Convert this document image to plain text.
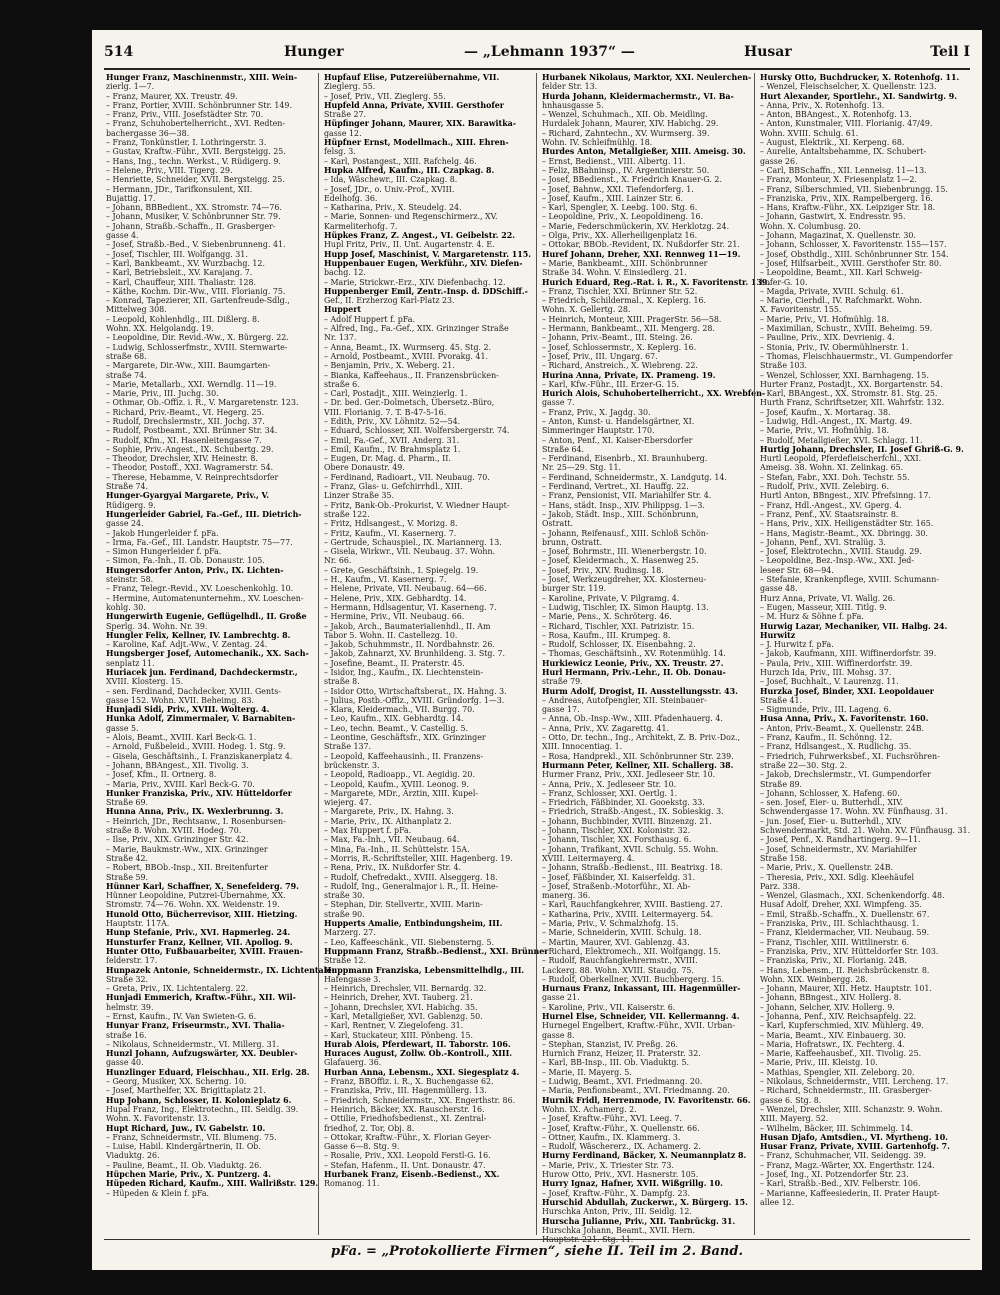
514	Hunger	— „Lehmann 1937“ —	Husar	Teil I
Hunger Franz, Maschinenmstr., XIII. Wein-
zierlg. 1—7.
– Franz, Maurer, XX. Treustr. 49.
– Franz, Portier, XVIII. Schönbrunner Str. 149.
– Franz, Priv., VIII. Josefstädter Str. 70.
– Franz, Schuhobertelherricht., XVI. Redten-
bachergasse 36—38.
– Franz, Tonkünstler, I. Lothringerstr. 3.
– Gustav, Kraftw.-Führ., XVII. Bergsteigg. 25.
– Hans, Ing., techn. Werkst., V. Rüdigerg. 9.
– Helene, Priv., VIII. Tigerg. 29.
– Henriette, Schneider, XVII. Bergsteigg. 25.
– Hermann, JDr., Tarifkonsulent, XII.
Bujattig. 17.
– Johann, BBBedient., XX. Stromstr. 74—76.
– Johann, Musiker, V. Schönbrunner Str. 79.
– Johann, Straßb.-Schaffn., II. Grasberger-
gasse 4.
– Josef, Straßb.-Bed., V. Siebenbrunneng. 41.
– Josef, Tischler, III. Wolfgangg. 31.
– Karl, Bankbeamt., XV. Wurzbachg. 12.
– Karl, Betriebsleit., XV. Karajang. 7.
– Karl, Chauffeur, XIII. Thaliastr. 128.
– Käthe, Kochm. Dir.-Ww., VIII. Florianig. 75.
– Konrad, Tapezierer, XII. Gartenfreude-Sdlg.,
Mittelweg 308.
– Leopold, Kohlenhdlg., III. Dißlerg. 8.
Wohn. XX. Helgolandg. 19.
– Leopoldine, Dir. Revid.-Ww., X. Bürgerg. 22.
– Ludwig, Schlosserfmstr., XVIII. Sternwarte-
straße 68.
– Margarete, Dir.-Ww., XIII. Baumgarten-
straße 74.
– Marie, Metallarb., XXI. Werndlg. 11—19.
– Marie, Priv., III. Juchg. 30.
– Othmar, Ob.-Offiz. i. R., V. Margaretenstr. 123.
– Richard, Priv.-Beamt., VI. Hegerg. 25.
– Rudolf, Drechslermstr., XII. Jochg. 37.
– Rudolf, Postbeamt., XXI. Brünner Str. 34.
– Rudolf, Kfm., XI. Hasenleitengasse 7.
– Sophie, Priv.-Angest., IX. Schubertg. 29.
– Theodor, Drechsler, XIV. Heinestr. 8.
– Theodor, Postoff., XXI. Wagramerstr. 54.
– Therese, Hebamme, V. Reinprechtsdorfer
Straße 74.
Hunger-Gyargyai Margarete, Priv., V.
Rüdigerg. 9.
Hungerleider Gabriel, Fa.-Gef., III. Dietrich-
gasse 24.
– Jakob Hungerleider f. pFa.
– Irma, Fa.-Gef., III. Landstr. Hauptstr. 75—77.
– Simon Hungerleider f. pFa.
– Simon, Fa.-Inh., II. Ob. Donaustr. 105.
Hungersdorfer Anton, Priv., IX. Lichten-
steinstr. 58.
– Franz, Telegr.-Revid., XV. Loeschenkohlg. 10.
– Hermine, Automatenunternehm., XV. Loeschen-
kohlg. 30.
Hungerwirth Eugenie, Geflügelhdl., II. Große
Sperlg. 34. Wohn. Nr. 39.
Hungler Felix, Kellner, IV. Lambrechtg. 8.
– Karoline, Kaf. Adjt.-Ww., V. Zentag. 24.
Hungsberger Josef, Automechanik., XX. Sach-
senplatz 11.
Huriacek jun. Ferdinand, Dachdeckermstr.,
XVIII. Klosterg. 15.
– sen. Ferdinand, Dachdecker, XVIII. Gents-
gasse 152. Wohn. XVII. Beheimg. 83.
Hunjadi Sidi, Priv., XVIII. Wolterg. 4.
Hunka Adolf, Zimmermaler, V. Barnabiten-
gasse 5.
– Alois, Beamt., XVIII. Karl Beck-G. 1.
– Arnold, Fußbeleid., XVIII. Hodeg. 1. Stg. 9.
– Gisela, Geschäftsinh., I. Franziskanerplatz 4.
– Johann, BBAngest., XII. Tivolig. 3.
– Josef, Kfm., II. Ortnerg. 8.
– Maria, Priv., XVIII. Karl Beck-G. 70.
Hunker Franziska, Priv., XIV. Hütteldorfer
Straße 69.
Hunna Anna, Priv., IX. Wexlerbrunng. 3.
– Heinrich, JDr., Rechtsanw., I. Rosenbursen-
straße 8. Wohn. XVIII. Hodeg. 70.
– Ilse, Priv., XIX. Grinzinger Str. 42.
– Marie, Baukmstr.-Ww., XIX. Grinzinger
Straße 42.
– Robert, BBOb.-Insp., XII. Breitenfurter
Straße 59.
Hünner Karl, Schaffner, X. Senefelderg. 79.
Hünner Leopoldine, Putzrei-Übernahme, XX.
Stromstr. 74—76. Wohn. XX. Weidenstr. 19.
Hunold Otto, Bücherrevisor, XIII. Hietzing.
Hauptstr. 117A.
Hunp Stefanie, Priv., XVI. Hapmerleg. 24.
Hunsturfer Franz, Kellner, VII. Apollog. 9.
Hunter Otto, Fußbauarbeiter, XVIII. Frauen-
felderstr. 17.
Hunpazek Antonie, Schneidermstr., IX. Lichtentaler
Straße 32.
– Greta, Priv., IX. Lichtentalerg. 22.
Hunjadi Emmerich, Kraftw.-Führ., XII. Wil-
helmstr. 39.
– Ernst, Kaufm., IV. Van Swieten-G. 6.
Hunyar Franz, Friseurmstr., XVI. Thalia-
straße 16.
– Nikolaus, Schneidermstr., VI. Millerg. 31.
Hunzl Johann, Aufzugswärter, XX. Deubler-
gasse 40.
Hunzlinger Eduard, Fleischhau., XII. Erlg. 28.
– Georg, Musiker, XX. Scherng. 10.
– Josef, Marthelfer, XX. Brigittaplatz 21.
Hup Johann, Schlosser, II. Kolonieplatz 6.
Hupal Franz, Ing., Elektrotechn., III. Seidlg. 39.
Wohn. X. Favoritenstr. 13.
Hupt Richard, Juw., IV. Gabelstr. 10.
– Franz, Schneidermstr., VII. Blumeng. 75.
– Luise, Habil. Kindergärtnerin, II. Ob.
Viaduktg. 26.
– Pauline, Beamt., II. Ob. Viaduktg. 26.
Hüpchen Marie, Priv., X. Puntzerg. 4.
Hüpeden Richard, Kaufm., XIII. Wallrißstr. 129.
– Hüpeden & Klein f. pFa.
Hupfauf Elise, Putzereiübernahme, VII.
Zieglerg. 55.
– Josef, Priv., VII. Zieglerg. 55.
Hupfeld Anna, Private, XVIII. Gersthofer
Straße 27.
Hüpfinger Johann, Maurer, XIX. Barawitka-
gasse 12.
Hüpfner Ernst, Modellmach., XIII. Ehren-
felsg. 3.
– Karl, Postangest., XIII. Rafchelg. 46.
Hupka Alfred, Kaufm., III. Czapkag. 8.
– Ida, Wäschewr., III. Czapkag. 8.
– Josef, JDr., o. Univ.-Prof., XVIII.
Edelhofg. 36.
– Katharina, Priv., X. Steudelg. 24.
– Marie, Sonnen- und Regenschirmerz., XV.
Karmeliterhofg. 7.
Hüpkes Franz, Z. Angest., VI. Geibelstr. 22.
Hupl Fritz, Priv., II. Unt. Augartenstr. 4. E.
Hupp Josef, Maschinist, V. Margaretenstr. 115.
Huppenbauer Eugen, Werkführ., XIV. Diefen-
bachg. 12.
– Marie, Strickwr.-Erz., XIV. Diefenbachg. 12.
Huppenberger Emil, Zentr.-Insp. d. DDSchiff.-
Gef., II. Erzherzog Karl-Platz 23.
Huppert
– Adolf Huppert f. pFa.
– Alfred, Ing., Fa.-Gef., XIX. Grinzinger Straße
Nr. 137.
– Anna, Beamt., IX. Wurmserg. 45. Stg. 2.
– Arnold, Postbeamt., XVIII. Pvorakg. 41.
– Benjamin, Priv., X. Weberg. 21.
– Bianka, Kaffeehaus., II. Franzensbrücken-
straße 6.
– Carl, Postadjt., XIII. Weinzierlg. 1.
– Dr. bed. Ger.-Dolmetsch, Übersetz.-Büro,
VIII. Florianig. 7. T. B-47-5-16.
– Edith, Priv., XV. Löhnitz. 52—54.
– Eduard, Schlosser, XII. Wolfersbergerstr. 74.
– Emil, Fa.-Gef., XVII. Anderg. 31.
– Emil, Kaufm., IV. Brahmsplatz 1.
– Eugen, Dr. Mag. d. Pharm., II.
Obere Donaustr. 49.
– Ferdinand, Radioart., VII. Neubaug. 70.
– Franz, Glas- u. Gefchirrhdl., XIII.
Linzer Straße 35.
– Fritz, Bank-Ob.-Prokurist, V. Wiedner Haupt-
straße 122.
– Fritz, Hdlsangest., V. Morizg. 8.
– Fritz, Kaufm., VI. Kasernerg. 7.
– Gertrude, Schauspiel., IX. Mariannerg. 13.
– Gisela, Wirkwr., VII. Neubaug. 37. Wohn.
Nr. 66.
– Grete, Geschäftsinh., I. Spiegelg. 19.
– H., Kaufm., VI. Kasernerg. 7.
– Helene, Private, VII. Neubaug. 64—66.
– Helene, Priv., XIX. Gebhardtg. 14.
– Hermann, Hdlsagentur, VI. Kaserneng. 7.
– Hermine, Priv., VII. Neubaug. 66.
– Jakob, Arch., Baumaterialienhdl., II. Am
Tabor 5. Wohn. II. Castellezg. 10.
– Jakob, Schuhmmstr., II. Nordbahnstr. 26.
– Jakob, Zahnarzt, XV. Brunhildeng. 3. Stg. 7.
– Josefine, Beamt., II. Praterstr. 45.
– Isidor, Ing., Kaufm., IX. Liechtenstein-
straße 8.
– Isidor Otto, Wirtschaftsberat., IX. Hahng. 3.
– Julius, Postb.-Offiz., XVIII. Gründorfg. 1—3.
– Klara, Kleidermach., VII. Burgg. 70.
– Leo, Kaufm., XIX. Gebhardtg. 14.
– Leo, techn. Beamt., V. Castellig. 5.
– Leontine, Geschäftsfr., XIX. Grinzinger
Straße 137.
– Leopold, Kaffeehausinh., II. Franzens-
brückenstr. 3.
– Leopold, Radioapp., VI. Aegidig. 20.
– Leopold, Kaufm., XVIII. Leonog. 9.
– Margarete, MDr., Ärztin, XIII. Kupel-
wiejerg. 47.
– Margarete, Priv., IX. Hahng. 3.
– Marie, Priv., IX. Althanplatz 2.
– Max Huppert f. pFa.
– Max, Fa.-Inh., VII. Neubaug. 64.
– Mina, Fa.-Inh., II. Schüttelstr. 15A.
– Morris, R.-Schriftsteller, XIII. Hagenberg. 19.
– Rena, Priv., IX. Nußdorfer Str. 4.
– Rudolf, Chefredakt., XVIII. Alseggerg. 18.
– Rudolf, Ing., Generalmajor i. R., II. Heine-
straße 30.
– Stephan, Dir. Stellvertr., XVIII. Marin-
straße 90.
Hupperts Amalie, Entbindungsheim, III.
Marzerg. 27.
– Leo, Kaffeeschänk., VII. Siebensterng. 5.
Huppmann Franz, Straßb.-Bedienst., XXI. Brünner
Straße 12.
Huppmann Franziska, Lebensmittelhdlg., III.
Hafengasse 3.
– Heinrich, Drechsler, VII. Bernardg. 32.
– Heinrich, Dreher, XVI. Tauberg. 21.
– Johann, Drechsler, XVI. Habichg. 35.
– Karl, Metallgießer, XVI. Gablenzg. 50.
– Karl, Rentner, V. Ziegelofeng. 31.
– Karl, Stuckateur, XIII. Pönbeng. 15.
Hurab Alois, Pferdewart, II. Taborstr. 106.
Huraces August, Zollw. Ob.-Kontroll., XIII.
Glafauerg. 36.
Hurban Anna, Lebensm., XXI. Siegesplatz 4.
– Franz, BBOffiz. i. R., X. Buchengasse 62.
– Franziska, Priv., III. Hagenmüllerg. 13.
– Friedrich, Schneidermstr., XX. Engerthstr. 86.
– Heinrich, Bäcker, XX. Rauscherstr. 16.
– Ottilie, Friedhofsbedienst., XI. Zentral-
friedhof, 2. Tor, Obj. 8.
– Ottokar, Kraftw.-Führ., X. Florian Geyer-
Gasse 6—8. Stg. 9.
– Rosalie, Priv., XXI. Leopold Ferstl-G. 16.
– Stefan, Hafenm., II. Unt. Donaustr. 47.
Hurbanek Franz, Eisenb.-Bedienst., XX.
Romanog. 11.
Hurbanek Nikolaus, Marktor, XXI. Neulerchen-
felder Str. 13.
Hurda Johann, Kleidermachermstr., VI. Ba-
hnhausgasse 5.
– Wenzel, Schuhmach., XII. Ob. Meidling.
Hurdalek Johann, Maurer, XIV. Habichg. 29.
– Richard, Zahntechn., XV. Wurmserg. 39.
Wohn. IV. Schleifmühlg. 18.
Hurdes Anton, Metallgießer, XIII. Ameisg. 30.
– Ernst, Bedienst., VIII. Albertg. 11.
– Feliz, BBahninsp., IV. Argentinierstr. 50.
– Josef, BBedienst., X. Friedrich Knauer-G. 2.
– Josef, Bahnw., XXI. Tiefendorferg. 1.
– Josef, Kaufm., XIII. Lainzer Str. 6.
– Karl, Spengler, X. Leebg. 100. Stg. 6.
– Leopoldine, Priv., X. Leopoldineng. 16.
– Marie, Federschmückerin, XV. Herklotzg. 24.
– Olga, Priv., XX. Allerheiligenplatz 16.
– Ottokar, BBOb.-Revident, IX. Nußdorfer Str. 21.
Huref Johann, Dreher, XXI. Rennweg 11—19.
– Marie, Bankbeamt., XIII. Schönbrunner
Straße 34. Wohn. V. Einsiedlerg. 21.
Hurich Eduard, Reg.-Rat. i. R., X. Favoritenstr. 139.
– Franz, Tischler, XXI. Brünner Str. 52.
– Friedrich, Schildermal., X. Keplerg. 16.
Wohn. X. Gellertg. 28.
– Heinrich, Monteur, XIII. PragerStr. 56—58.
– Hermann, Bankbeamt., XII. Mengerg. 28.
– Johann, Priv.-Beamt., III. Steing. 26.
– Josef, Schlossermstr., X. Keplerg. 16.
– Josef, Priv., III. Ungarg. 67.
– Richard, Anstreich., X. Wiebreng. 22.
Hurina Anna, Private, IX. Prameng. 19.
– Karl, Kfw.-Führ., III. Erzer-G. 15.
Hurich Alois, Schuhobertelherricht., XX. Wrebfen-
gasse 7.
– Franz, Priv., X. Jagdg. 30.
– Anton, Kunst- u. Handelsgärtner, XI.
Simmeringer Hauptstr. 170.
– Anton, Penf., XI. Kaiser-Ebersdorfer
Straße 64.
– Ferdinand, Eisenbrb., XI. Braunhuberg.
Nr. 25—29. Stg. 11.
– Ferdinand, Schneidermstr., X. Landgutg. 14.
– Ferdinand, Vertret., XI. Hauffg. 22.
– Franz, Pensionist, VII. Mariahilfer Str. 4.
– Hans, städt. Insp., XIV. Philippsg. 1—3.
– Jakob, Städt. Insp., XIII. Schönbrunn,
Ostratt.
– Johann, Reifenausf., XIII. Schloß Schön-
brunn, Ostratt.
– Josef, Bohrmstr., III. Wienerbergstr. 10.
– Josef, Kleidermach., X. Hasenweg 25.
– Josef, Priv., XIV. Rudinsg. 18.
– Josef, Werkzeugdreher, XX. Klosterneu-
burger Str. 119.
– Karoline, Private, V. Pilgramg. 4.
– Ludwig, Tischler, IX. Simon Hauptg. 13.
– Marie, Pens., X. Schröterg. 46.
– Richard, Tischler, XXI. Patrizistr. 15.
– Rosa, Kaufm., III. Krumpeg. 8.
– Rudolf, Schlosser, IX. Eisenbahng. 2.
– Thomas, Geschäftsinh., XV. Rotenmühlg. 14.
Hurkiewicz Leonie, Priv., XX. Treustr. 27.
Hurl Hermann, Priv.-Lehr., II. Ob. Donau-
straße 79.
Hurm Adolf, Drogist, II. Ausstellungsstr. 43.
– Andreas, Autofpengler, XII. Steinbauer-
gasse 17.
– Anna, Ob.-Insp.-Ww., XIII. Pfadenhauerg. 4.
– Anna, Priv., XV. Zagarettg. 41.
– Otto, Dr. techn., Ing., Architekt, Z. B. Priv.-Doz.,
XIII. Innocentiag. 1.
– Rosa, Handprekl., XII. Schönbrunner Str. 239.
Hurmann Peter, Kellner, XII. Schallerg. 38.
Hurmer Franz, Priv., XXI. Jedleseer Str. 10.
– Anna, Priv., X. Jedleseer Str. 10.
– Franz, Schlosser, XXI. Oertlg. 1.
– Friedrich, Fäßbinder, XI. Gooekstg. 33.
– Friedrich, Straßb.-Angest., IX. Sobieskig. 3.
– Johann, Buchbinder, XVIII. Binzenzg. 21.
– Johann, Tischler, XXI. Kolonistr. 32.
– Johann, Tischler, XX. Forsthausg. 6.
– Johann, Trafikant, XVII. Schulg. 55. Wohn.
XVIII. Leitermayerg. 4.
– Johann, Straßb.-Bedienst., III. Beatrixg. 18.
– Josef, Fäßbinder, XI. Kaiserfeldg. 31.
– Josef, Straßenb.-Motorführ., XI. Ab-
manerg. 36.
– Karl, Rauchfangkehrer, XVIII. Bastieng. 27.
– Katharina, Priv., XVIII. Leitermayerg. 54.
– Maria, Priv., V. Schmalzhofg. 15.
– Marie, Schneiderin, XVIII. Schulg. 18.
– Martin, Maurer, XVI. Gablenzg. 43.
– Richard, Elektromech., XII. Wolfgangg. 15.
– Rudolf, Rauchfangkehrermstr., XVIII.
Lackerg. 88. Wohn. XVIII. Staudg. 75.
– Rudolf, Oberkellner, XVII. Buchbergerg. 15.
Hurnaus Franz, Inkassant, III. Hagenmüller-
gasse 21.
– Karoline, Priv., VII. Kaiserstr. 6.
Hurnel Else, Schneider, VII. Kellermanng. 4.
Hurnegel Engelbert, Kraftw.-Führ., XVII. Urban-
gasse 8.
– Stephan, Stanzist, IV. Preßg. 26.
Hurnich Franz, Heizer, II. Praterstr. 32.
– Karl, BB-Insp., III. Ob. Viaduktg. 5.
– Marie, II. Mayerg. 5.
– Ludwig, Beamt., XVI. Friedmanng. 20.
– Maria, Penfionsbeamt., XVI. Friedmanng. 20.
Hurnik Fridl, Herrenmode, IV. Favoritenstr. 66.
Wohn. IX. Achamerg. 2.
– Josef, Kraftw.-Führ., XVI. Leeg. 7.
– Josef, Kraftw.-Führ., X. Quellenstr. 66.
– Ottner, Kaufm., IX. Klammerg. 3.
– Rudolf, Wäschererz., IX. Achamerg. 2.
Hurny Ferdinand, Bäcker, X. Neumannplatz 8.
– Marie, Priv., X. Triester Str. 73.
Hurow Otto, Priv., XVI. Hasnerstr. 105.
Hurry Ignaz, Hafner, XVII. Wißgrillg. 10.
– Josef, Kraftw.-Führ., X. Dampfg. 23.
Hurschid Abdullah, Zuckerwr., X. Bürgerg. 15.
Hurschka Anton, Priv., III. Seidlg. 12.
Hurscha Julianne, Priv., XII. Tanbrückg. 31.
Hurschka Johann, Beamt., XVII. Hern.
Hauptstr. 221. Stg. 11.
Hursky Otto, Buchdrucker, X. Rotenhofg. 11.
– Wenzel, Fleischselcher, X. Quellenstr. 123.
Hurt Alexander, Sportlehr., XI. Sandwirtg. 9.
– Anna, Priv., X. Rotenhofg. 13.
– Anton, BBAngest., X. Rotenhofg. 13.
– Anton, Kunstmaler, VIII. Florianig. 47/49.
Wohn. XVIII. Schulg. 61.
– August, Elektrik., XI. Kerpeng. 68.
– Aurelie, Antaltsbehamme, IX. Schubert-
gasse 26.
– Carl, BBSchaffn., XII. Lenneisg. 11—13.
– Franz, Monteur, X. Friesenplatz 1—2.
– Franz, Silberschmied, VII. Siebenbrungg. 15.
– Franziska, Priv., XIX. Rampelbergerg. 16.
– Hans, Kraftw.-Führ., XX. Leipziger Str. 18.
– Johann, Gastwirt, X. Endresstr. 95.
Wohn. X. Columbusg. 20.
– Johann, Magazinat, X. Quellenstr. 30.
– Johann, Schlosser, X. Favoritenstr. 155—157.
– Josef, Obsthdlg., XIII. Schönbrunner Str. 154.
– Josef, Hilfsarbeit., XVIII. Gersthofer Str. 80.
– Leopoldine, Beamt., XII. Karl Schweig-
hofer-G. 10.
– Magda, Private, XVIII. Schulg. 61.
– Marie, Cierhdl., IV. Rafchmarkt. Wohn.
X. Favoritenstr. 155.
– Marie, Priv., VI. Hofmühlg. 18.
– Maximilian, Schustr., XVIII. Beheimg. 59.
– Pauline, Priv., XIX. Devrienig. 4.
– Stonia, Priv., IV. Obermühlnerstr. 1.
– Thomas, Fleischhauermstr., VI. Gumpendorfer
Straße 103.
– Wenzel, Schlosser, XXI. Barnhageng. 15.
Hurter Franz, Postadjt., XX. Borgartenstr. 54.
– Karl, BBAngest., XX. Stromstr. 81. Stg. 25.
Hurth Franz, Schriftsetzer, XII. Wahrfstr. 132.
– Josef, Kaufm., X. Mortarag. 38.
– Ludwig, Hdl.-Angest., IX. Martg. 49.
– Marie, Priv., VI. Hofmühlg. 18.
– Rudolf, Metallgießer, XVI. Schlagg. 11.
Hurtig Johann, Drechsler, II. Josef Ghriß-G. 9.
Hurtl Leopold, Pferdefleischerfchl., XXI.
Ameisg. 38. Wohn. XI. Zelinkag. 65.
– Stefan, Fabr., XXI. Doh. Techstr. 55.
– Rudolf, Priv., XVII. Zelebirg. 6.
Hurtl Anton, BBngest., XIV. Pfrefsinng. 17.
– Franz, Hdl.-Angest., XV. Gperg. 4.
– Franz, Penf., XV. Staatsrainstr. 8.
– Hans, Priv., XIX. Heiligenstädter Str. 165.
– Hans, Magistr.-Beamt., XX. Dbringg. 30.
– Johann, Penf., XVI. Stralüg. 3.
– Josef, Elektrotechn., XVIII. Staudg. 29.
– Leopoldine, Bez.-Insp.-Ww., XXI. Jed-
leseer Str. 68—94.
– Stefanie, Krankenpflege, XVIII. Schumann-
gasse 48.
Hurz Anna, Private, VI. Wallg. 26.
– Eugen, Masseur, XIII. Titlg. 9.
– M. Hurz & Söhne f. pFa.
Hurwig Lazar, Mechaniker, VII. Halbg. 24.
Hurwitz
– J. Hurwitz f. pFa.
– Jakob, Kaufmann, XIII. Wiffinerdorfstr. 39.
– Paula, Priv., XIII. Wiffinerdorfstr. 39.
Hurzch Ida, Priv., III. Mohsg. 37.
– Josef, Buchhalt., V. Laurenzg. 11.
Hurzka Josef, Binder, XXI. Leopoldauer
Straße 41.
– Sigmunde, Priv., III. Lageng. 6.
Husa Anna, Priv., X. Favoritenstr. 160.
– Anton, Priv.-Beamt., X. Quellenstr. 24B.
– Franz, Kaufm., II. Schönng. 12.
– Franz, Hdlsangest., X. Rudlichg. 35.
– Friedrich, Fuhrwerksbef., XI. Fuchsröhren-
straße 22—30. Stg. 2.
– Jakob, Drechslermstr., VI. Gumpendorfer
Straße 89.
– Johann, Schlosser, X. Hafeng. 60.
– sen. Josef, Eier- u. Butterhdl., XIV.
Schwendergasse 17. Wohn. XV. Fünfhausg. 31.
– jun. Josef, Eier- u. Butterhdl., XIV.
Schwendermarkt, Std. 21. Wohn. XV. Fünfhausg. 31.
– Josef, Penf., X. Randhartingerg. 9—11.
– Josef, Schneidermstr., XV. Mariahilfer
Straße 158.
– Marie, Priv., X. Quellenstr. 24B.
– Theresia, Priv., XXI. Sdlg. Kleehäufel
Parz. 338.
– Wenzel, Glasmach., XXI. Schenkendorfg. 48.
Husaf Adolf, Dreher, XXI. Wimpfeng. 35.
– Emil, Straßb.-Schaffn., X. Duellenstr. 67.
– Franziska, Priv., III. Schlachthausg. 1.
– Franz, Kleidermacher, VII. Neubaug. 59.
– Franz, Tischler, XIII. Wittlinerstr. 6.
– Franziska, Priv., XIV. Hütteldorfer Str. 103.
– Franziska, Priv., XI. Florianig. 24B.
– Hans, Lebensm., II. Reichsbrückenstr. 8.
Wohn. XIX. Weinbergg. 28.
– Johann, Maurer, XII. Hetz. Hauptstr. 101.
– Johann, BBngest., XIV. Hollerg. 8.
– Johann, Selcher, XIV. Hollerg. 9.
– Johanna, Penf., XIV. Reichsapfelg. 22.
– Karl, Kupferschmied, XIV. Mühlerg. 49.
– Maria, Beamt., XIV. Einbauerg. 30.
– Maria, Hofratswr., IX. Fechterg. 4.
– Marie, Kaffeehausbef., XII. Tivolig. 25.
– Marie, Priv., III. Kleistg. 10.
– Mathias, Spengler, XII. Zeleborg. 20.
– Nikolaus, Schneidermstr., VIII. Lercheng. 17.
– Richard, Schneidermstr., III. Grasberger-
gasse 6. Stg. 8.
– Wenzel, Drechsler, XIII. Schanzstr. 9. Wohn.
XIII. Mayerg. 52.
– Wilhelm, Bäcker, III. Schimmelg. 14.
Husan Djafo, Amtsdien., VI. Myrtheng. 10.
Husar Franz, Private, XVIII. Gartenhofg. 7.
– Franz, Schuhmacher, VII. Seidengg. 39.
– Franz, Magz.-Wärter, XX. Engerthstr. 124.
– Josef, Ing., XI. Potzendorfer Str. 23.
– Karl, Straßb.-Bed., XIV. Felberstr. 106.
– Marianne, Kaffeesiederin, II. Prater Haupt-
allee 12.
pFa. = „Protokollierte Firmen“, siehe II. Teil im 2. Band.
